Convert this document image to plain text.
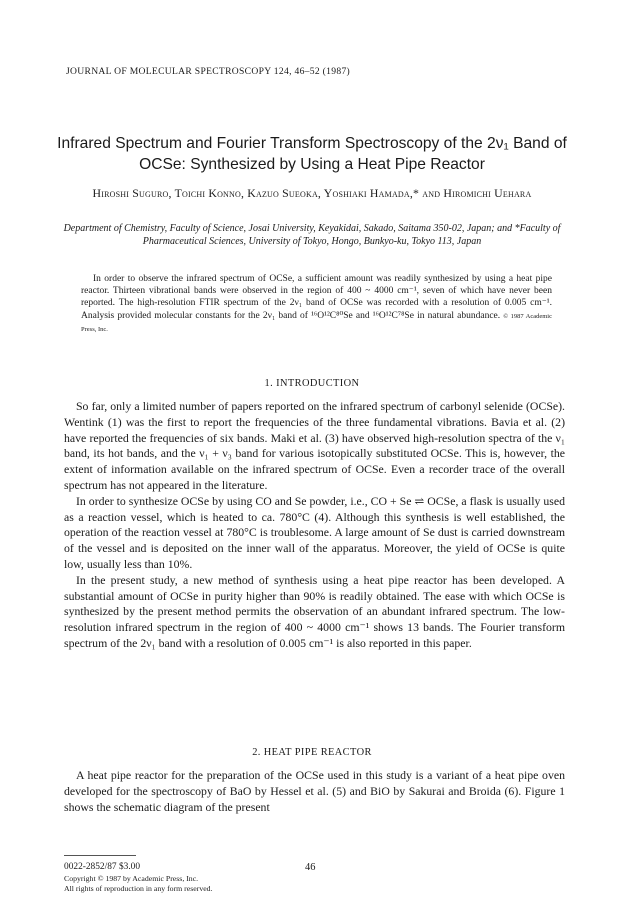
JOURNAL OF MOLECULAR SPECTROSCOPY 124, 46–52 (1987)
Infrared Spectrum and Fourier Transform Spectroscopy of the 2ν₁ Band of OCSe: Synthesized by Using a Heat Pipe Reactor
Hiroshi Suguro, Toichi Konno, Kazuo Sueoka, Yoshiaki Hamada,* and Hiromichi Uehara
Department of Chemistry, Faculty of Science, Josai University, Keyakidai, Sakado, Saitama 350-02, Japan; and *Faculty of Pharmaceutical Sciences, University of Tokyo, Hongo, Bunkyo-ku, Tokyo 113, Japan

In order to observe the infrared spectrum of OCSe, a sufficient amount was readily synthesized by using a heat pipe reactor. Thirteen vibrational bands were observed in the region of 400 ~ 4000 cm⁻¹, seven of which have never been reported. The high-resolution FTIR spectrum of the 2ν₁ band of OCSe was recorded with a resolution of 0.005 cm⁻¹. Analysis provided molecular constants for the 2ν₁ band of ¹⁶O¹²C⁸⁰Se and ¹⁶O¹²C⁷⁸Se in natural abundance. © 1987 Academic Press, Inc.

1. INTRODUCTION

So far, only a limited number of papers reported on the infrared spectrum of carbonyl selenide (OCSe). Wentink (1) was the first to report the frequencies of the three fundamental vibrations. Bavia et al. (2) have reported the frequencies of six bands. Maki et al. (3) have observed high-resolution spectra of the ν₁ band, its hot bands, and the ν₁ + ν₃ band for various isotopically substituted OCSe. This is, however, the extent of information available on the infrared spectrum of OCSe. Even a recorder trace of the overall spectrum has not appeared in the literature.

In order to synthesize OCSe by using CO and Se powder, i.e., CO + Se ⇌ OCSe, a flask is usually used as a reaction vessel, which is heated to ca. 780°C (4). Although this synthesis is well established, the operation of the reaction vessel at 780°C is troublesome. A large amount of Se dust is carried downstream of the vessel and is deposited on the inner wall of the apparatus. Moreover, the yield of OCSe is quite low, usually less than 10%.

In the present study, a new method of synthesis using a heat pipe reactor has been developed. A substantial amount of OCSe in purity higher than 90% is readily obtained. The ease with which OCSe is synthesized by the present method permits the observation of an abundant infrared spectrum. The low-resolution infrared spectrum in the region of 400 ~ 4000 cm⁻¹ shows 13 bands. The Fourier transform spectrum of the 2ν₁ band with a resolution of 0.005 cm⁻¹ is also reported in this paper.

2. HEAT PIPE REACTOR

A heat pipe reactor for the preparation of the OCSe used in this study is a variant of a heat pipe oven developed for the spectroscopy of BaO by Hessel et al. (5) and BiO by Sakurai and Broida (6). Figure 1 shows the schematic diagram of the present

0022-2852/87 $3.00
Copyright © 1987 by Academic Press, Inc.
All rights of reproduction in any form reserved.
46
